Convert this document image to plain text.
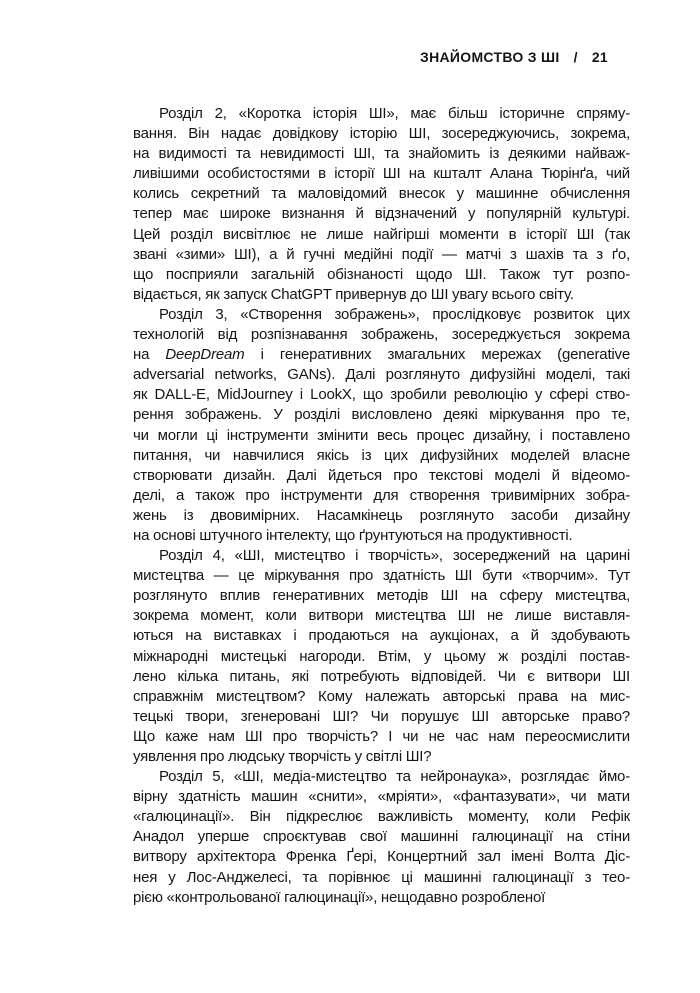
ЗНАЙОМСТВО З ШІ / 21
Розділ 2, «Коротка історія ШІ», має більш історичне спряму-
вання. Він надає довідкову історію ШІ, зосереджуючись, зокрема,
на видимості та невидимості ШІ, та знайомить із деякими найваж-
ливішими особистостями в історії ШІ на кшталт Алана Тюрінґа, чий
колись секретний та маловідомий внесок у машинне обчислення
тепер має широке визнання й відзначений у популярній культурі.
Цей розділ висвітлює не лише найгірші моменти в історії ШІ (так
звані «зими» ШІ), а й гучні медійні події — матчі з шахів та з ґо,
що посприяли загальній обізнаності щодо ШІ. Також тут розпо-
відається, як запуск ChatGPT привернув до ШІ увагу всього світу.
Розділ 3, «Створення зображень», прослідковує розвиток цих
технологій від розпізнавання зображень, зосереджується зокрема
на DeepDream і генеративних змагальних мережах (generative
adversarial networks, GANs). Далі розглянуто дифузійні моделі, такі
як DALL-E, MidJourney і LookX, що зробили революцію у сфері ство-
рення зображень. У розділі висловлено деякі міркування про те,
чи могли ці інструменти змінити весь процес дизайну, і поставлено
питання, чи навчилися якісь із цих дифузійних моделей власне
створювати дизайн. Далі йдеться про текстові моделі й відеомо-
делі, а також про інструменти для створення тривимірних зобра-
жень із двовимірних. Насамкінець розглянуто засоби дизайну
на основі штучного інтелекту, що ґрунтуються на продуктивності.
Розділ 4, «ШІ, мистецтво і творчість», зосереджений на царині
мистецтва — це міркування про здатність ШІ бути «творчим». Тут
розглянуто вплив генеративних методів ШІ на сферу мистецтва,
зокрема момент, коли витвори мистецтва ШІ не лише виставля-
ються на виставках і продаються на аукціонах, а й здобувають
міжнародні мистецькі нагороди. Втім, у цьому ж розділі постав-
лено кілька питань, які потребують відповідей. Чи є витвори ШІ
справжнім мистецтвом? Кому належать авторські права на мис-
тецькі твори, згенеровані ШІ? Чи порушує ШІ авторське право?
Що каже нам ШІ про творчість? І чи не час нам переосмислити
уявлення про людську творчість у світлі ШІ?
Розділ 5, «ШІ, медіа-мистецтво та нейронаука», розглядає ймо-
вірну здатність машин «снити», «мріяти», «фантазувати», чи мати
«галюцинації». Він підкреслює важливість моменту, коли Рефік
Анадол уперше спроєктував свої машинні галюцинації на стіни
витвору архітектора Френка Ґері, Концертний зал імені Волта Діс-
нея у Лос-Анджелесі, та порівнює ці машинні галюцинації з тео-
рією «контрольованої галюцинації», нещодавно розробленої
